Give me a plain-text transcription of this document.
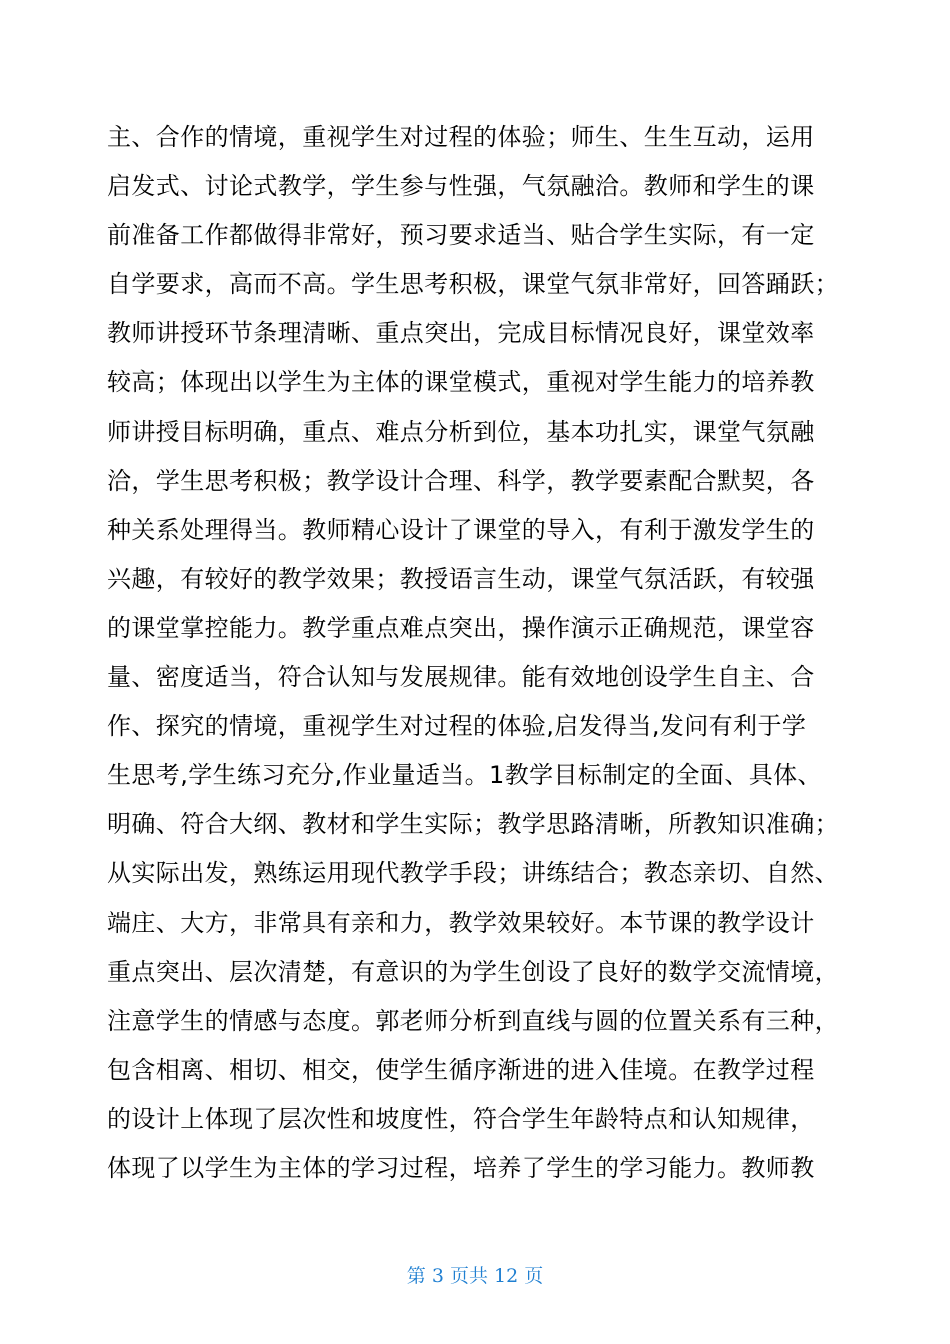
主、合作的情境，重视学生对过程的体验；师生、生生互动，运用
启发式、讨论式教学，学生参与性强，气氛融洽。教师和学生的课
前准备工作都做得非常好，预习要求适当、贴合学生实际，有一定
自学要求，高而不高。学生思考积极，课堂气氛非常好，回答踊跃；
教师讲授环节条理清晰、重点突出，完成目标情况良好，课堂效率
较高；体现出以学生为主体的课堂模式，重视对学生能力的培养教
师讲授目标明确，重点、难点分析到位，基本功扎实，课堂气氛融
洽，学生思考积极；教学设计合理、科学，教学要素配合默契，各
种关系处理得当。教师精心设计了课堂的导入，有利于激发学生的
兴趣，有较好的教学效果；教授语言生动，课堂气氛活跃，有较强
的课堂掌控能力。教学重点难点突出，操作演示正确规范，课堂容
量、密度适当，符合认知与发展规律。能有效地创设学生自主、合
作、探究的情境，重视学生对过程的体验,启发得当,发问有利于学
生思考,学生练习充分,作业量适当。1教学目标制定的全面、具体、
明确、符合大纲、教材和学生实际；教学思路清晰，所教知识准确；
从实际出发，熟练运用现代教学手段；讲练结合；教态亲切、自然、
端庄、大方，非常具有亲和力，教学效果较好。本节课的教学设计
重点突出、层次清楚，有意识的为学生创设了良好的数学交流情境，
注意学生的情感与态度。郭老师分析到直线与圆的位置关系有三种，
包含相离、相切、相交，使学生循序渐进的进入佳境。在教学过程
的设计上体现了层次性和坡度性，符合学生年龄特点和认知规律，
体现了以学生为主体的学习过程，培养了学生的学习能力。教师教
第 3 页共 12 页
